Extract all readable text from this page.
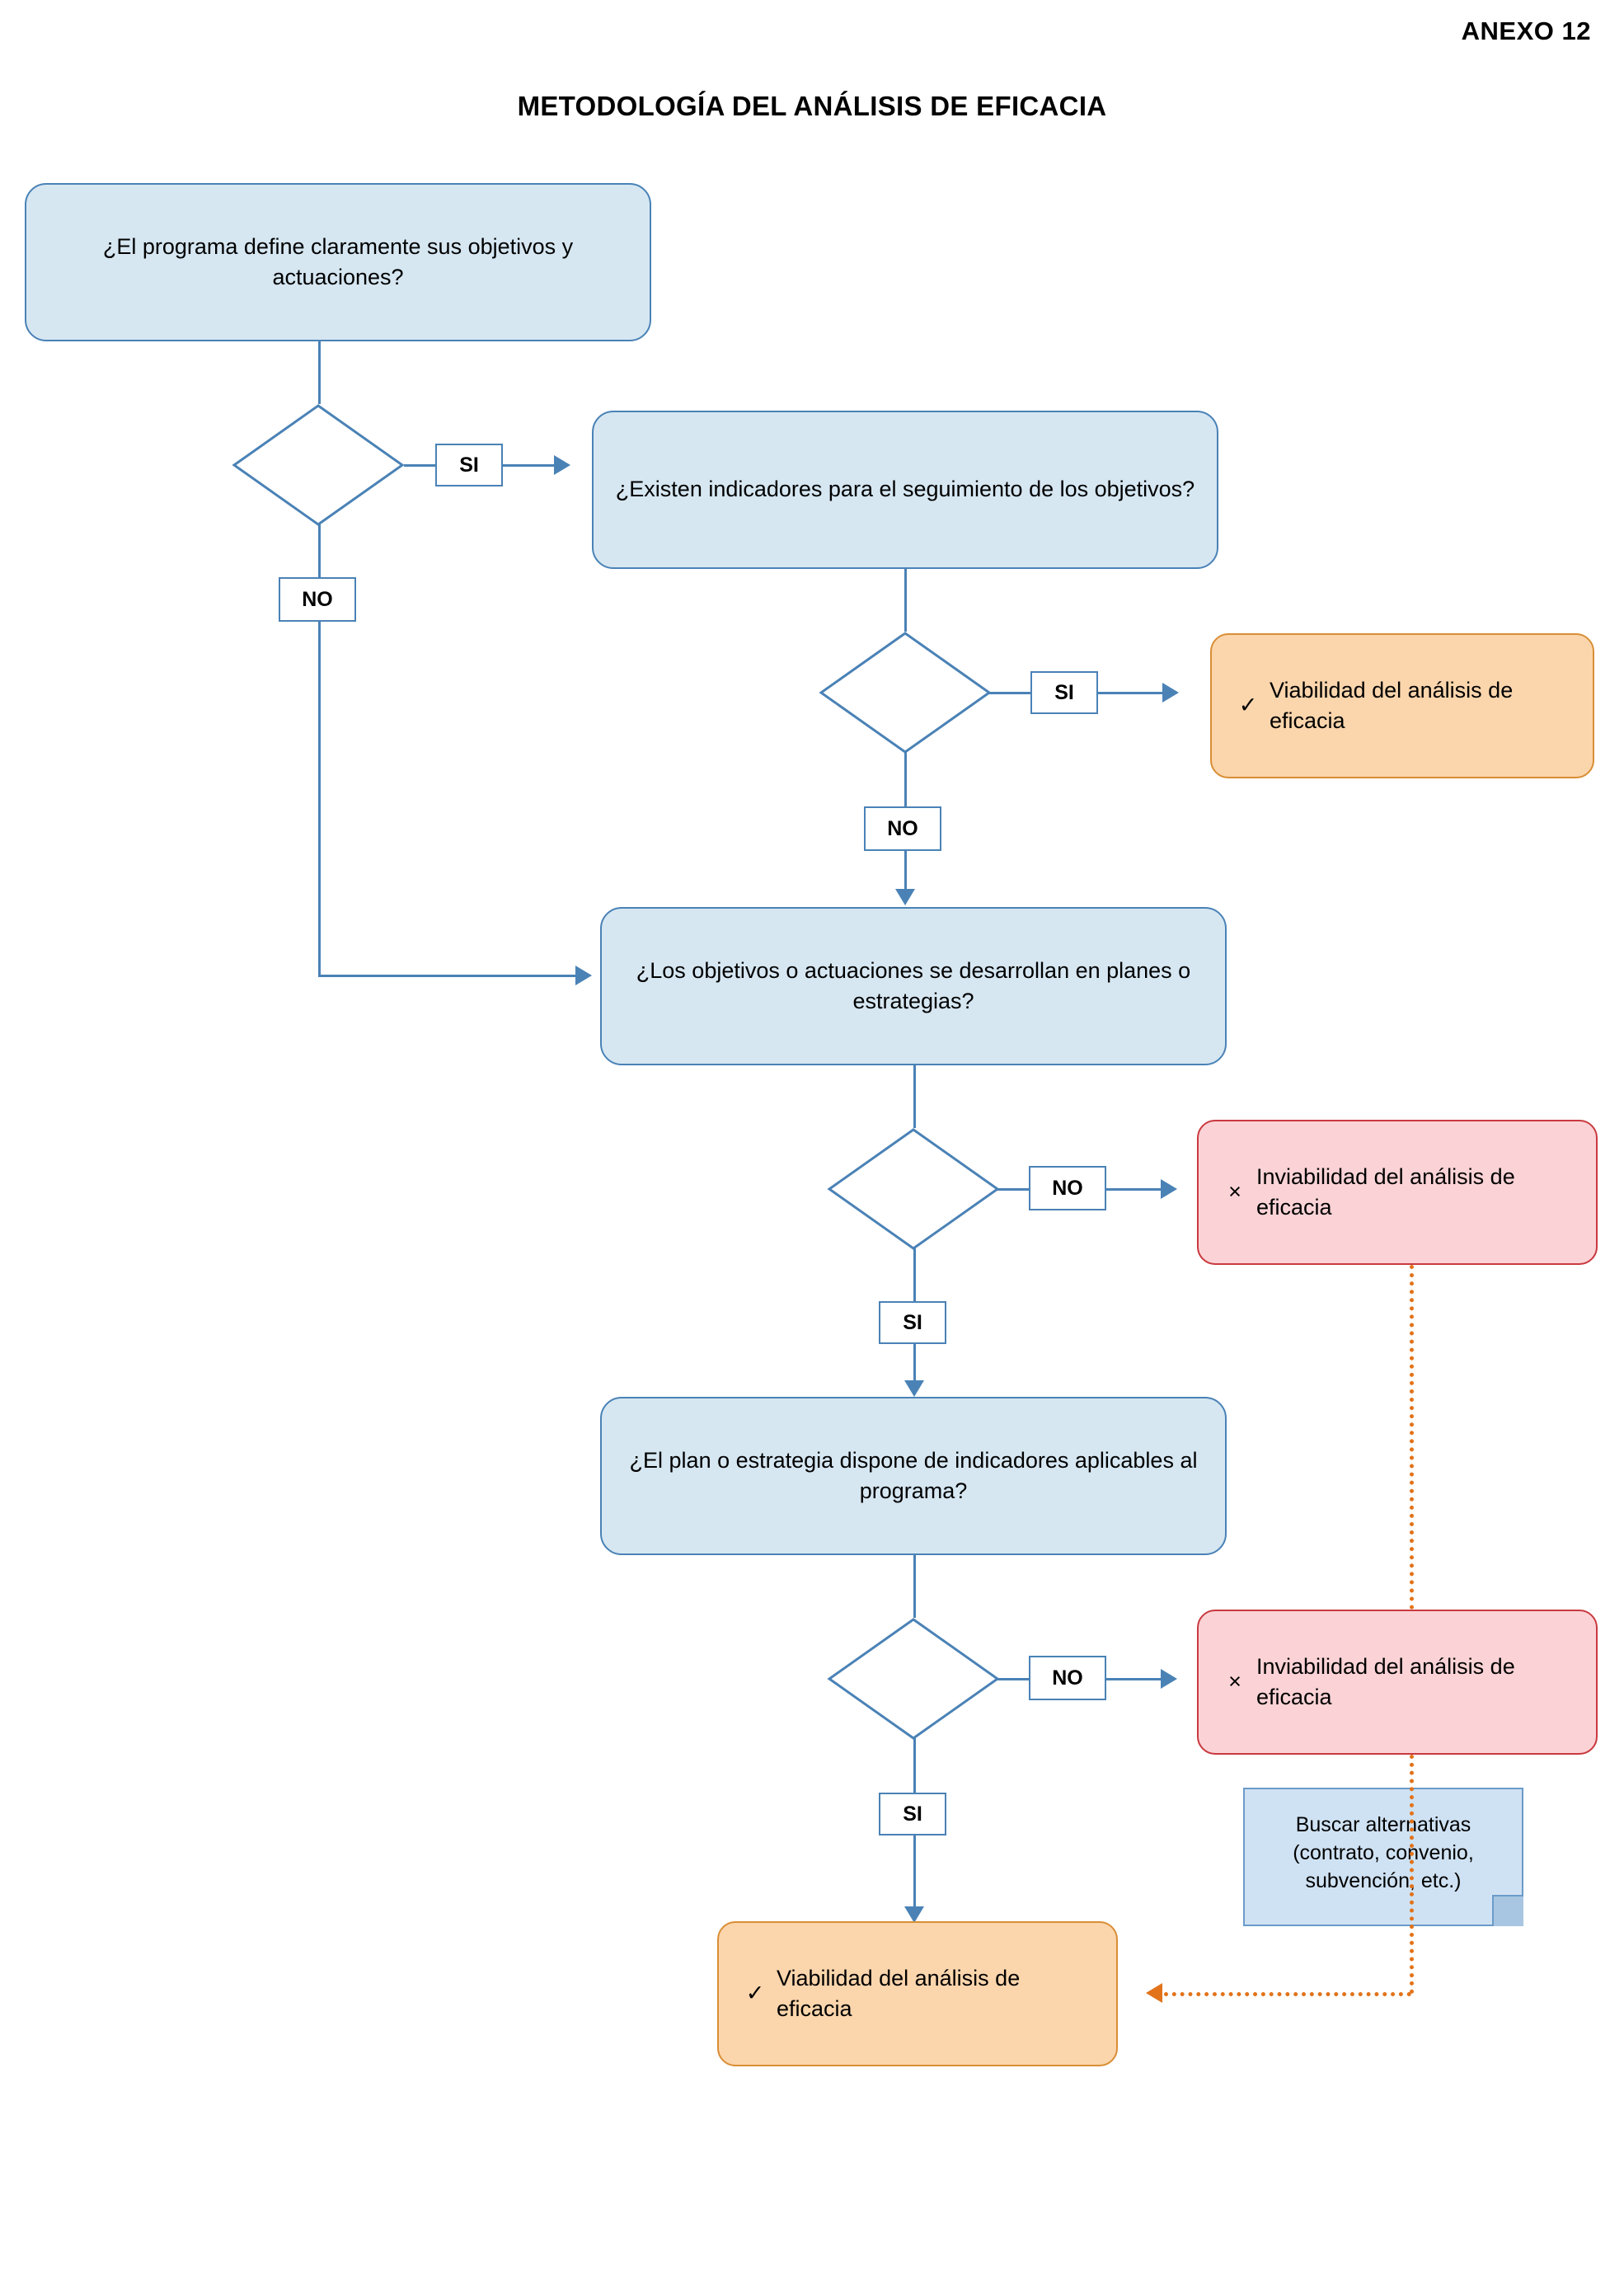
ANEXO 12
METODOLOGÍA DEL ANÁLISIS DE EFICACIA
¿El programa define claramente sus objetivos y actuaciones?
SI
¿Existen indicadores para el seguimiento de los objetivos?
NO
SI
✓
Viabilidad del análisis de eficacia
NO
¿Los objetivos o actuaciones se desarrollan en planes o estrategias?
NO	×
Inviabilidad del análisis de eficacia
SI
¿El plan o estrategia dispone de indicadores aplicables al programa?
NO	×
Inviabilidad del análisis de eficacia
SI
✓
Viabilidad del análisis de eficacia
Buscar alternativas (contrato, convenio, subvención, etc.)
